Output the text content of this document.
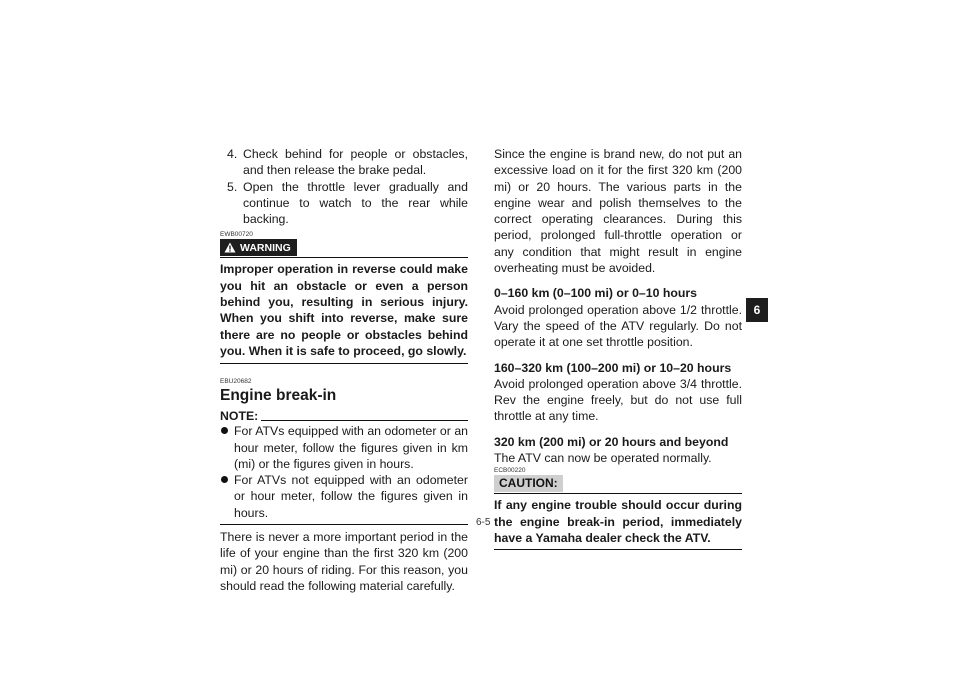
4. Check behind for people or obstacles, and then release the brake pedal.
5. Open the throttle lever gradually and continue to watch to the rear while backing.
EWB00720
WARNING
Improper operation in reverse could make you hit an obstacle or even a person behind you, resulting in serious injury. When you shift into reverse, make sure there are no people or obstacles behind you. When it is safe to proceed, go slowly.
EBU20682
Engine break-in
NOTE:
For ATVs equipped with an odometer or an hour meter, follow the figures given in km (mi) or the figures given in hours.
For ATVs not equipped with an odometer or hour meter, follow the figures given in hours.
There is never a more important period in the life of your engine than the first 320 km (200 mi) or 20 hours of riding. For this reason, you should read the following material carefully.
Since the engine is brand new, do not put an excessive load on it for the first 320 km (200 mi) or 20 hours. The various parts in the engine wear and polish themselves to the correct operating clearances. During this period, prolonged full-throttle operation or any condition that might result in engine overheating must be avoided.
0–160 km (0–100 mi) or 0–10 hours
Avoid prolonged operation above 1/2 throttle. Vary the speed of the ATV regularly. Do not operate it at one set throttle position.
160–320 km (100–200 mi) or 10–20 hours
Avoid prolonged operation above 3/4 throttle. Rev the engine freely, but do not use full throttle at any time.
320 km (200 mi) or 20 hours and beyond
The ATV can now be operated normally.
ECB00220
CAUTION:
If any engine trouble should occur during the engine break-in period, immediately have a Yamaha dealer check the ATV.
6
6-5
